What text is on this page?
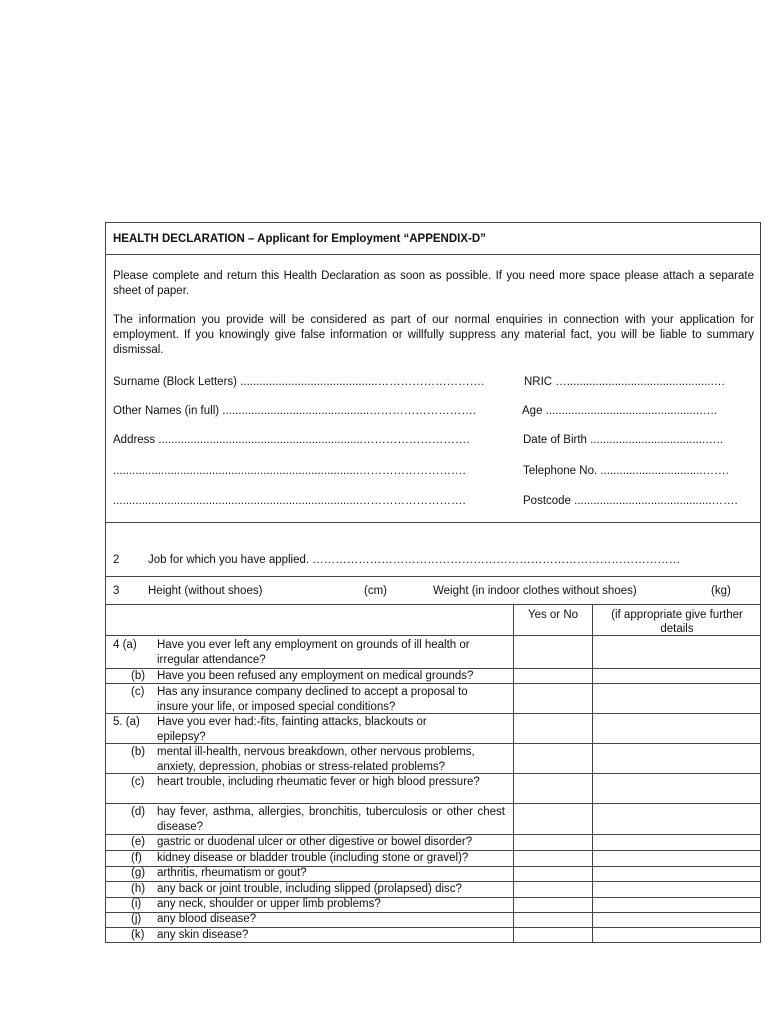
HEALTH DECLARATION – Applicant for Employment “APPENDIX-D”
Please complete and return this Health Declaration as soon as possible. If you need more space please attach a separate sheet of paper.
The information you provide will be considered as part of our normal enquiries in connection with your application for employment. If you knowingly give false information or willfully suppress any material fact, you will be liable to summary dismissal.
Surname (Block Letters) ...........................................……………………….	NRIC …..............................................…
Other Names (in full) ..............................................……………………….	Age ................................................…..
Address ................................................................……………………….	Date of Birth ....................................…..
.............................................................................……………………….	Telephone No. ................................…….
.............................................................................……………………….	Postcode ...........................................…….
2 Job for which you have applied. ……………………………………………………………………………………
3 Height (without shoes)	(cm)	Weight (in indoor clothes without shoes)	(kg)
Yes or No	(if appropriate give further details
4 (a) Have you ever left any employment on grounds of ill health or irregular attendance?
(b) Have you been refused any employment on medical grounds?
(c) Has any insurance company declined to accept a proposal to insure your life, or imposed special conditions?
5. (a) Have you ever had:-fits, fainting attacks, blackouts or epilepsy?
(b) mental ill-health, nervous breakdown, other nervous problems, anxiety, depression, phobias or stress-related problems?
(c) heart trouble, including rheumatic fever or high blood pressure?
(d) hay fever, asthma, allergies, bronchitis, tuberculosis or other chest disease?
(e) gastric or duodenal ulcer or other digestive or bowel disorder?
(f) kidney disease or bladder trouble (including stone or gravel)?
(g) arthritis, rheumatism or gout?
(h) any back or joint trouble, including slipped (prolapsed) disc?
(i) any neck, shoulder or upper limb problems?
(j) any blood disease?
(k) any skin disease?
